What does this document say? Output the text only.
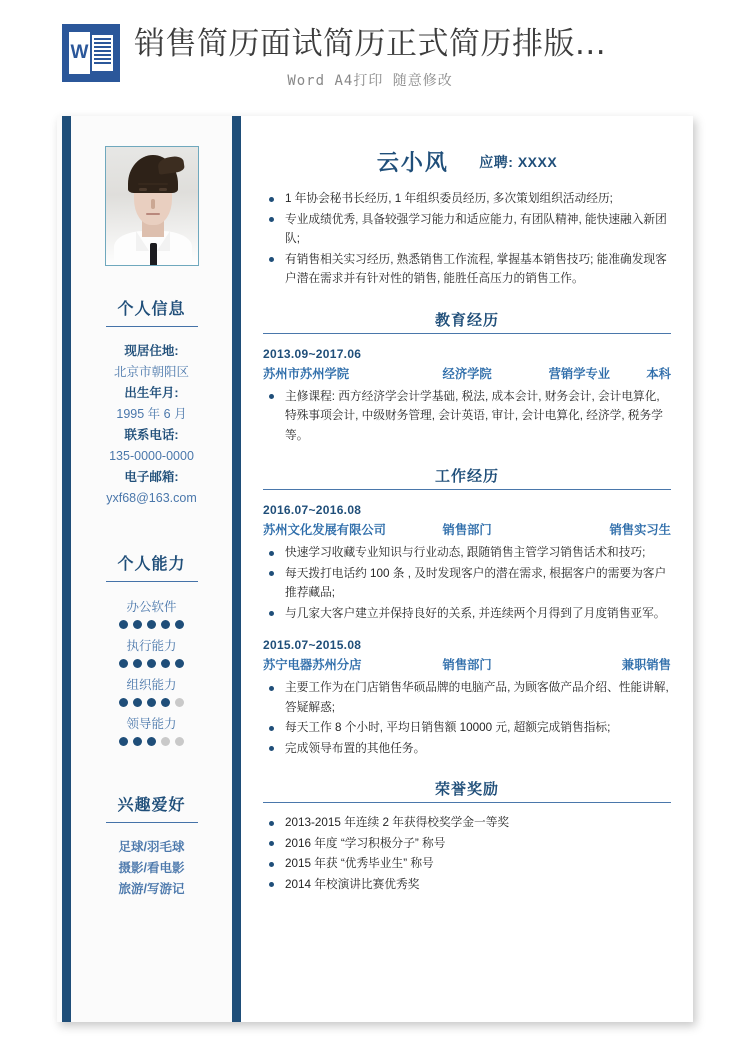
W
销售简历面试简历正式简历排版...
Word A4打印 随意修改
个人信息
现居住地:
北京市朝阳区
出生年月:
1995 年 6 月
联系电话:
135-0000-0000
电子邮箱:
yxf68@163.com
个人能力
办公软件
执行能力
组织能力
领导能力
兴趣爱好
足球/羽毛球
摄影/看电影
旅游/写游记
云小风 应聘: XXXX
1 年协会秘书长经历, 1 年组织委员经历, 多次策划组织活动经历;
专业成绩优秀, 具备较强学习能力和适应能力, 有团队精神, 能快速融入新团队;
有销售相关实习经历, 熟悉销售工作流程, 掌握基本销售技巧; 能准确发现客户潜在需求并有针对性的销售, 能胜任高压力的销售工作。
教育经历
2013.09~2017.06
苏州市苏州学院	经济学院	营销学专业	本科
主修课程: 西方经济学会计学基础, 税法, 成本会计, 财务会计, 会计电算化, 特殊事项会计, 中级财务管理, 会计英语, 审计, 会计电算化, 经济学, 税务学等。
工作经历
2016.07~2016.08
苏州文化发展有限公司	销售部门	销售实习生
快速学习收藏专业知识与行业动态, 跟随销售主管学习销售话术和技巧;
每天拨打电话约 100 条 , 及时发现客户的潜在需求, 根据客户的需要为客户推荐藏品;
与几家大客户建立并保持良好的关系, 并连续两个月得到了月度销售亚军。
2015.07~2015.08
苏宁电器苏州分店	销售部门	兼职销售
主要工作为在门店销售华硕品牌的电脑产品, 为顾客做产品介绍、性能讲解, 答疑解惑;
每天工作 8 个小时, 平均日销售额 10000 元, 超额完成销售指标;
完成领导布置的其他任务。
荣誉奖励
2013-2015 年连续 2 年获得校奖学金一等奖
2016 年度 “学习积极分子” 称号
2015 年获 “优秀毕业生” 称号
2014 年校演讲比赛优秀奖
